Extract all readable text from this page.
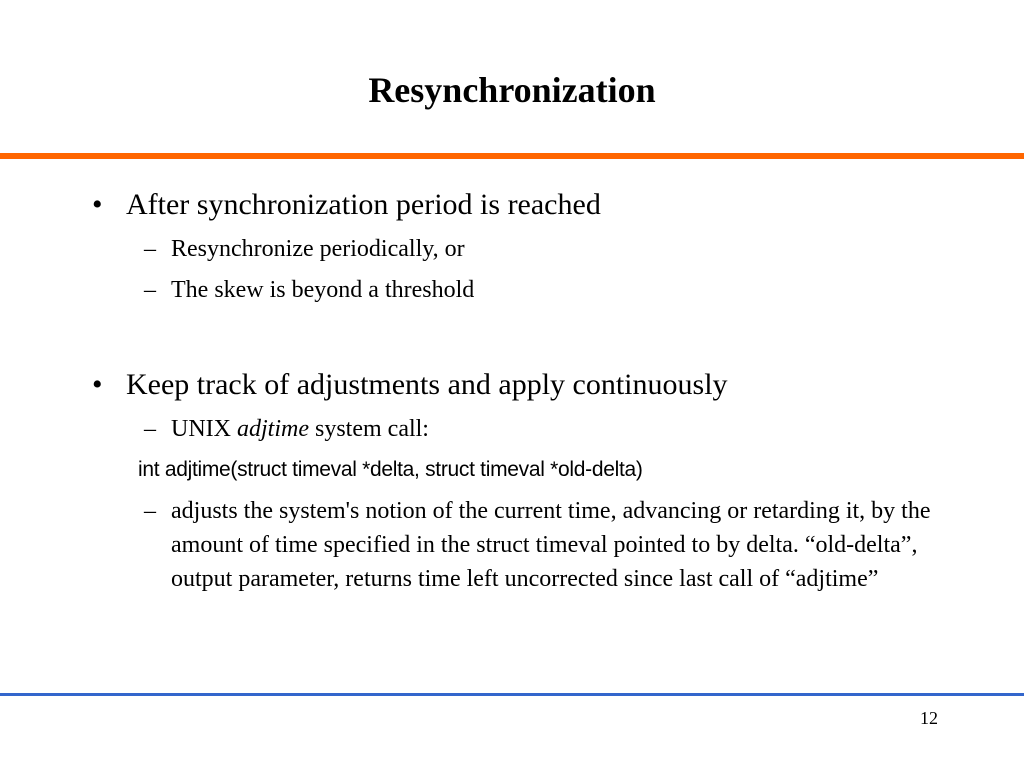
Resynchronization
• After synchronization period is reached
– Resynchronize periodically, or
– The skew is beyond a threshold
• Keep track of adjustments and apply continuously
– UNIX adjtime system call:
int adjtime(struct timeval *delta, struct timeval *old-delta)
– adjusts the system's notion of the current time, advancing or retarding it, by the amount of time specified in the struct timeval pointed to by delta. “old-delta”, output parameter, returns time left uncorrected since last call of “adjtime”
12
